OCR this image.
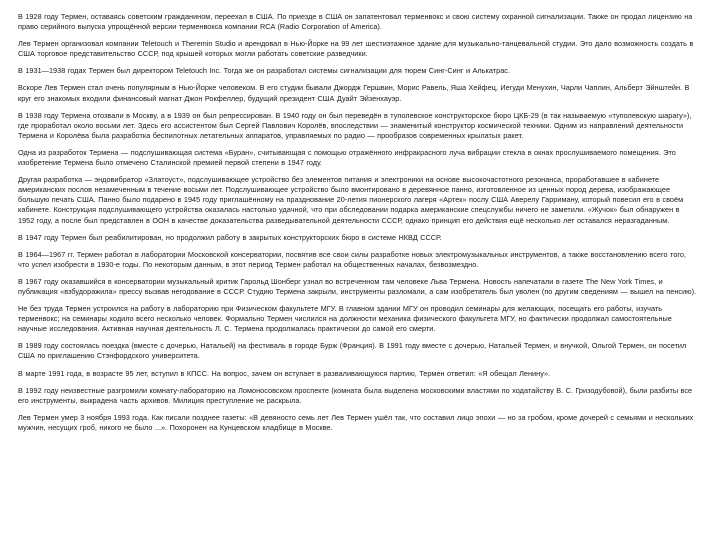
В 1928 году Термен, оставаясь советским гражданином, переехал в США. По приезде в США он запатентовал терменвокс и свою систему охранной сигнализации. Также он продал лицензию на право серийного выпуска упрощённой версии терменвокса компании RCA (Radio Corporation of America).

Лев Термен организовал компании Teletouch и Theremin Studio и арендовал в Нью-Йорке на 99 лет шестиэтажное здание для музыкально-танцевальной студии. Это дало возможность создать в США торговое представительство СССР, под крышей которых могли работать советские разведчики.

В 1931—1938 годах Термен был директором Teletouch Inc. Тогда же он разработал системы сигнализации для тюрем Синг-Синг и Алькатрас.

Вскоре Лев Термен стал очень популярным в Нью-Йорке человеком. В его студии бывали Джордж Гершвин, Морис Равель, Яша Хейфец, Иегуди Менухин, Чарли Чаплин, Альберт Эйнштейн. В круг его знакомых входили финансовый магнат Джон Рокфеллер, будущий президент США Дуайт Эйзенхауэр.

В 1938 году Термена отозвали в Москву, а в 1939 он был репрессирован. В 1940 году он был переведён в туполевское конструкторское бюро ЦКБ-29 (в так называемую «туполевскую шарагу»), где проработал около восьми лет. Здесь его ассистентом был Сергей Павлович Королёв, впоследствии — знаменитый конструктор космической техники. Одним из направлений деятельности Термена и Королёва была разработка беспилотных летательных аппаратов, управляемых по радио — прообразов современных крылатых ракет.

Одна из разработок Термена — подслушивающая система «Буран», считывающая с помощью отражённого инфракрасного луча вибрации стекла в окнах прослушиваемого помещения. Это изобретение Термена было отмечено Сталинской премией первой степени в 1947 году.

Другая разработка — эндовибратор «Златоуст», подслушивающее устройство без элементов питания и электроники на основе высокочастотного резонанса, проработавшее в кабинете американских послов незамеченным в течение восьми лет. Подслушивающее устройство было вмонтировано в деревянное панно, изготовленное из ценных пород дерева, изображающее большую печать США. Панно было подарено в 1945 году приглашённому на празднование 20-летия пионерского лагеря «Артек» послу США Аверелу Гарриману, который повесил его в своём кабинете. Конструкция подслушивающего устройства оказалась настолько удачной, что при обследовании подарка американские спецслужбы ничего не заметили. «Жучок» был обнаружен в 1952 году, а после был представлен в ООН в качестве доказательства разведывательной деятельности СССР, однако принцип его действия ещё несколько лет оставался неразгаданным.

В 1947 году Термен был реабилитирован, но продолжил работу в закрытых конструкторских бюро в системе НКВД СССР.

В 1964—1967 гг. Термен работал в лаборатории Московской консерватории, посвятив все свои силы разработке новых электромузыкальных инструментов, а также восстановлению всего того, что успел изобрести в 1930-е годы. По некоторым данным, в этот период Термен работал на общественных началах, безвозмездно.

В 1967 году оказавшийся в консерватории музыкальный критик Гарольд Шонберг узнал во встреченном там человеке Льва Термена. Новость напечатали в газете The New York Times, и публикация «взбудоражила» прессу вызвав негодование в СССР. Студию Термена закрыли, инструменты разломали, а сам изобретатель был уволен (по другим сведениям — вышел на пенсию).

Не без труда Термен устроился на работу в лабораторию при Физическом факультете МГУ. В главном здании МГУ он проводил семинары для желающих, посещать его работы, изучать терменвокс; на семинары ходило всего несколько человек. Формально Термен числился на должности механика физического факультета МГУ, но фактически продолжал самостоятельные научные исследования. Активная научная деятельность Л. С. Термена продолжалась практически до самой его смерти.

В 1989 году состоялась поездка (вместе с дочерью, Натальей) на фестиваль в городе Бурж (Франция). В 1991 году вместе с дочерью, Натальей Термен, и внучкой, Ольгой Термен, он посетил США по приглашению Стэнфордского университета.

В марте 1991 года, в возрасте 95 лет, вступил в КПСС. На вопрос, зачем он вступает в разваливающуюся партию, Термен ответил: «Я обещал Ленину».

В 1992 году неизвестные разгромили комнату-лабораторию на Ломоносовском проспекте (комната была выделена московскими властями по ходатайству В. С. Гризодубовой), были разбиты все его инструменты, выкрадена часть архивов. Милиция преступление не раскрыла.

Лев Термен умер 3 ноября 1993 года. Как писали позднее газеты: «В девяносто семь лет Лев Термен ушёл так, что составил лицо эпохи — но за гробом, кроме дочерей с семьями и нескольких мужчин, несущих гроб, никого не было ...». Похоронен на Кунцевском кладбище в Москве.
